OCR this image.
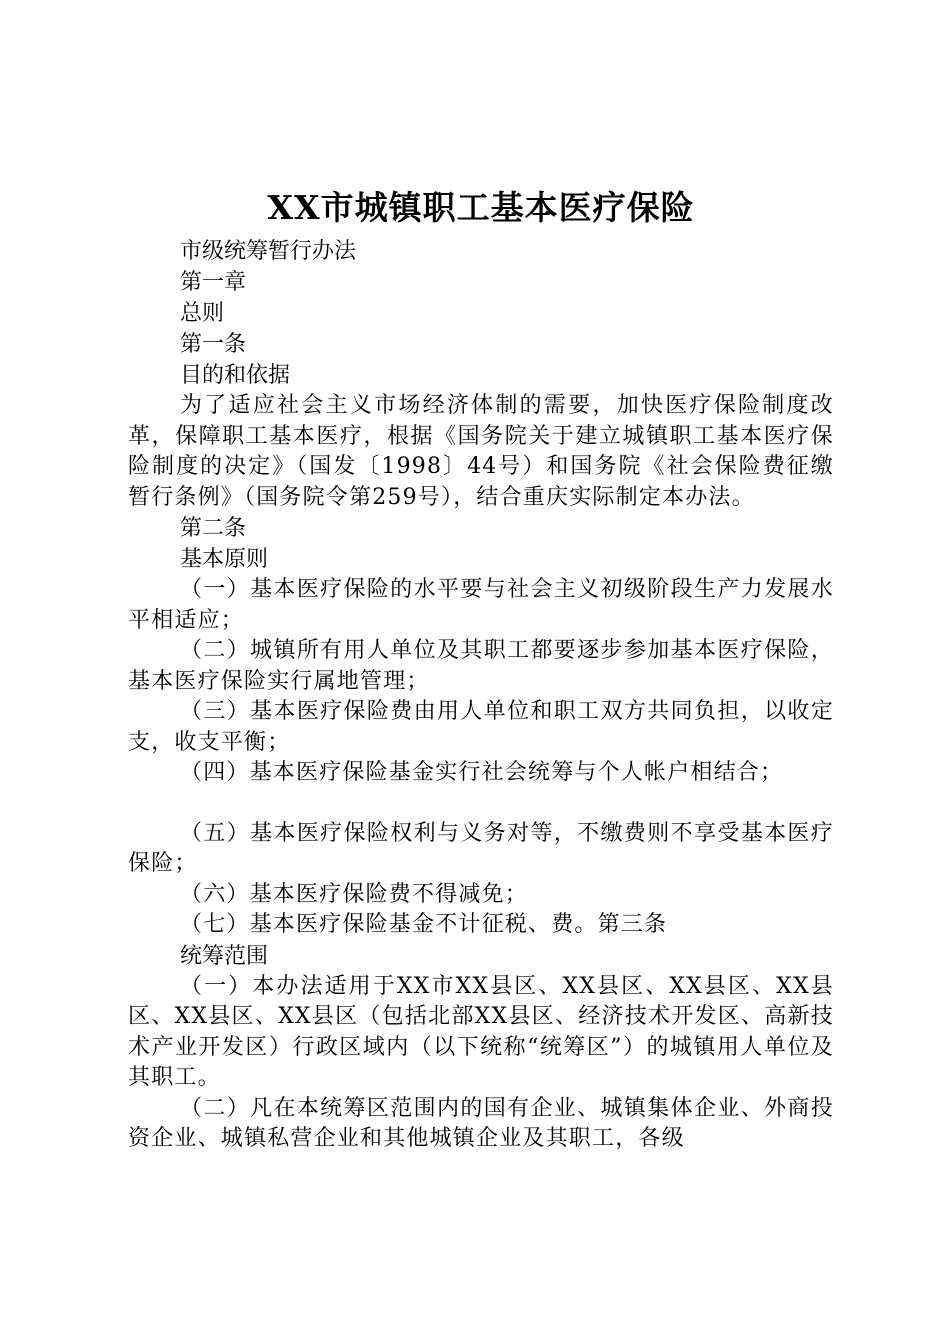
XX市城镇职工基本医疗保险

市级统筹暂行办法

第一章

总则

第一条

目的和依据

为了适应社会主义市场经济体制的需要，加快医疗保险制度改革，保障职工基本医疗，根据《国务院关于建立城镇职工基本医疗保险制度的决定》（国发〔1998〕44号）和国务院《社会保险费征缴暂行条例》（国务院令第259号），结合重庆实际制定本办法。

第二条

基本原则

（一）基本医疗保险的水平要与社会主义初级阶段生产力发展水平相适应；

（二）城镇所有用人单位及其职工都要逐步参加基本医疗保险，基本医疗保险实行属地管理；

（三）基本医疗保险费由用人单位和职工双方共同负担，以收定支，收支平衡；

（四）基本医疗保险基金实行社会统筹与个人帐户相结合；

（五）基本医疗保险权利与义务对等，不缴费则不享受基本医疗保险；

（六）基本医疗保险费不得减免；

（七）基本医疗保险基金不计征税、费。第三条

统筹范围

（一）本办法适用于XX市XX县区、XX县区、XX县区、XX县区、XX县区、XX县区（包括北部XX县区、经济技术开发区、高新技术产业开发区）行政区域内（以下统称“统筹区”）的城镇用人单位及其职工。

（二）凡在本统筹区范围内的国有企业、城镇集体企业、外商投资企业、城镇私营企业和其他城镇企业及其职工，各级
